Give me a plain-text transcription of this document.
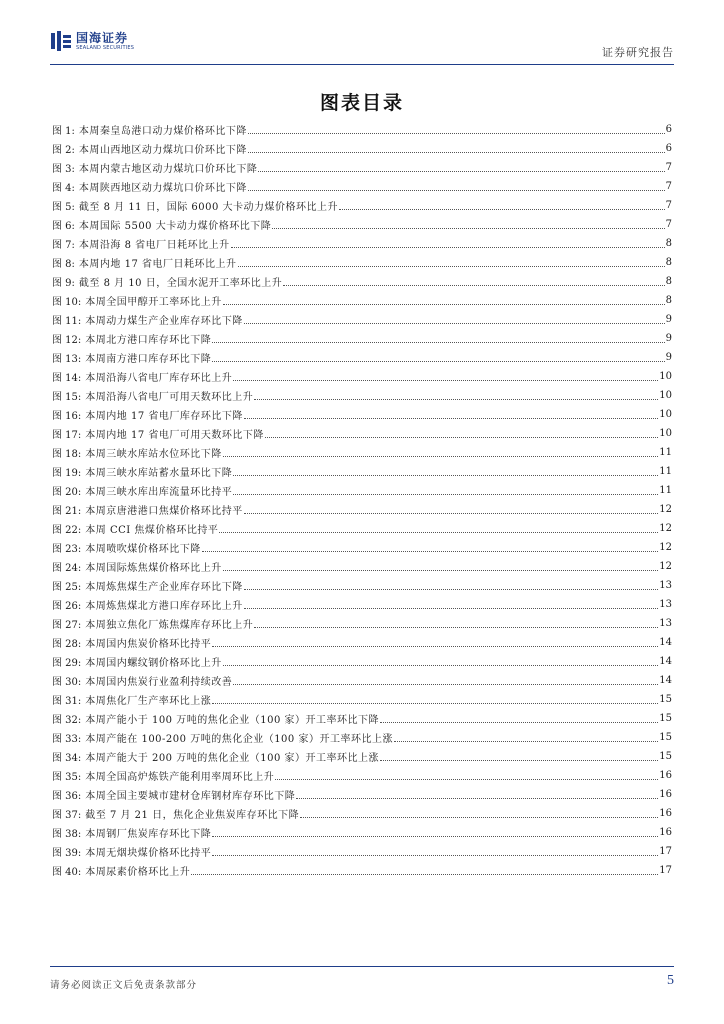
国海证券
SEALAND SECURITIES	证券研究报告
图表目录
图 1: 本周秦皇岛港口动力煤价格环比下降	6
图 2: 本周山西地区动力煤坑口价环比下降	6
图 3: 本周内蒙古地区动力煤坑口价环比下降	7
图 4: 本周陕西地区动力煤坑口价环比下降	7
图 5: 截至 8 月 11 日，国际 6000 大卡动力煤价格环比上升	7
图 6: 本周国际 5500 大卡动力煤价格环比下降	7
图 7: 本周沿海 8 省电厂日耗环比上升	8
图 8: 本周内地 17 省电厂日耗环比上升	8
图 9: 截至 8 月 10 日，全国水泥开工率环比上升	8
图 10: 本周全国甲醇开工率环比上升	8
图 11: 本周动力煤生产企业库存环比下降	9
图 12: 本周北方港口库存环比下降	9
图 13: 本周南方港口库存环比下降	9
图 14: 本周沿海八省电厂库存环比上升	10
图 15: 本周沿海八省电厂可用天数环比上升	10
图 16: 本周内地 17 省电厂库存环比下降	10
图 17: 本周内地 17 省电厂可用天数环比下降	10
图 18: 本周三峡水库站水位环比下降	11
图 19: 本周三峡水库站蓄水量环比下降	11
图 20: 本周三峡水库出库流量环比持平	11
图 21: 本周京唐港港口焦煤价格环比持平	12
图 22: 本周 CCI 焦煤价格环比持平	12
图 23: 本周喷吹煤价格环比下降	12
图 24: 本周国际炼焦煤价格环比上升	12
图 25: 本周炼焦煤生产企业库存环比下降	13
图 26: 本周炼焦煤北方港口库存环比上升	13
图 27: 本周独立焦化厂炼焦煤库存环比上升	13
图 28: 本周国内焦炭价格环比持平	14
图 29: 本周国内螺纹钢价格环比上升	14
图 30: 本周国内焦炭行业盈利持续改善	14
图 31: 本周焦化厂生产率环比上涨	15
图 32: 本周产能小于 100 万吨的焦化企业（100 家）开工率环比下降	15
图 33: 本周产能在 100-200 万吨的焦化企业（100 家）开工率环比上涨	15
图 34: 本周产能大于 200 万吨的焦化企业（100 家）开工率环比上涨	15
图 35: 本周全国高炉炼铁产能利用率周环比上升	16
图 36: 本周全国主要城市建材仓库钢材库存环比下降	16
图 37: 截至 7 月 21 日，焦化企业焦炭库存环比下降	16
图 38: 本周钢厂焦炭库存环比下降	16
图 39: 本周无烟块煤价格环比持平	17
图 40: 本周尿素价格环比上升	17
请务必阅读正文后免责条款部分	5
